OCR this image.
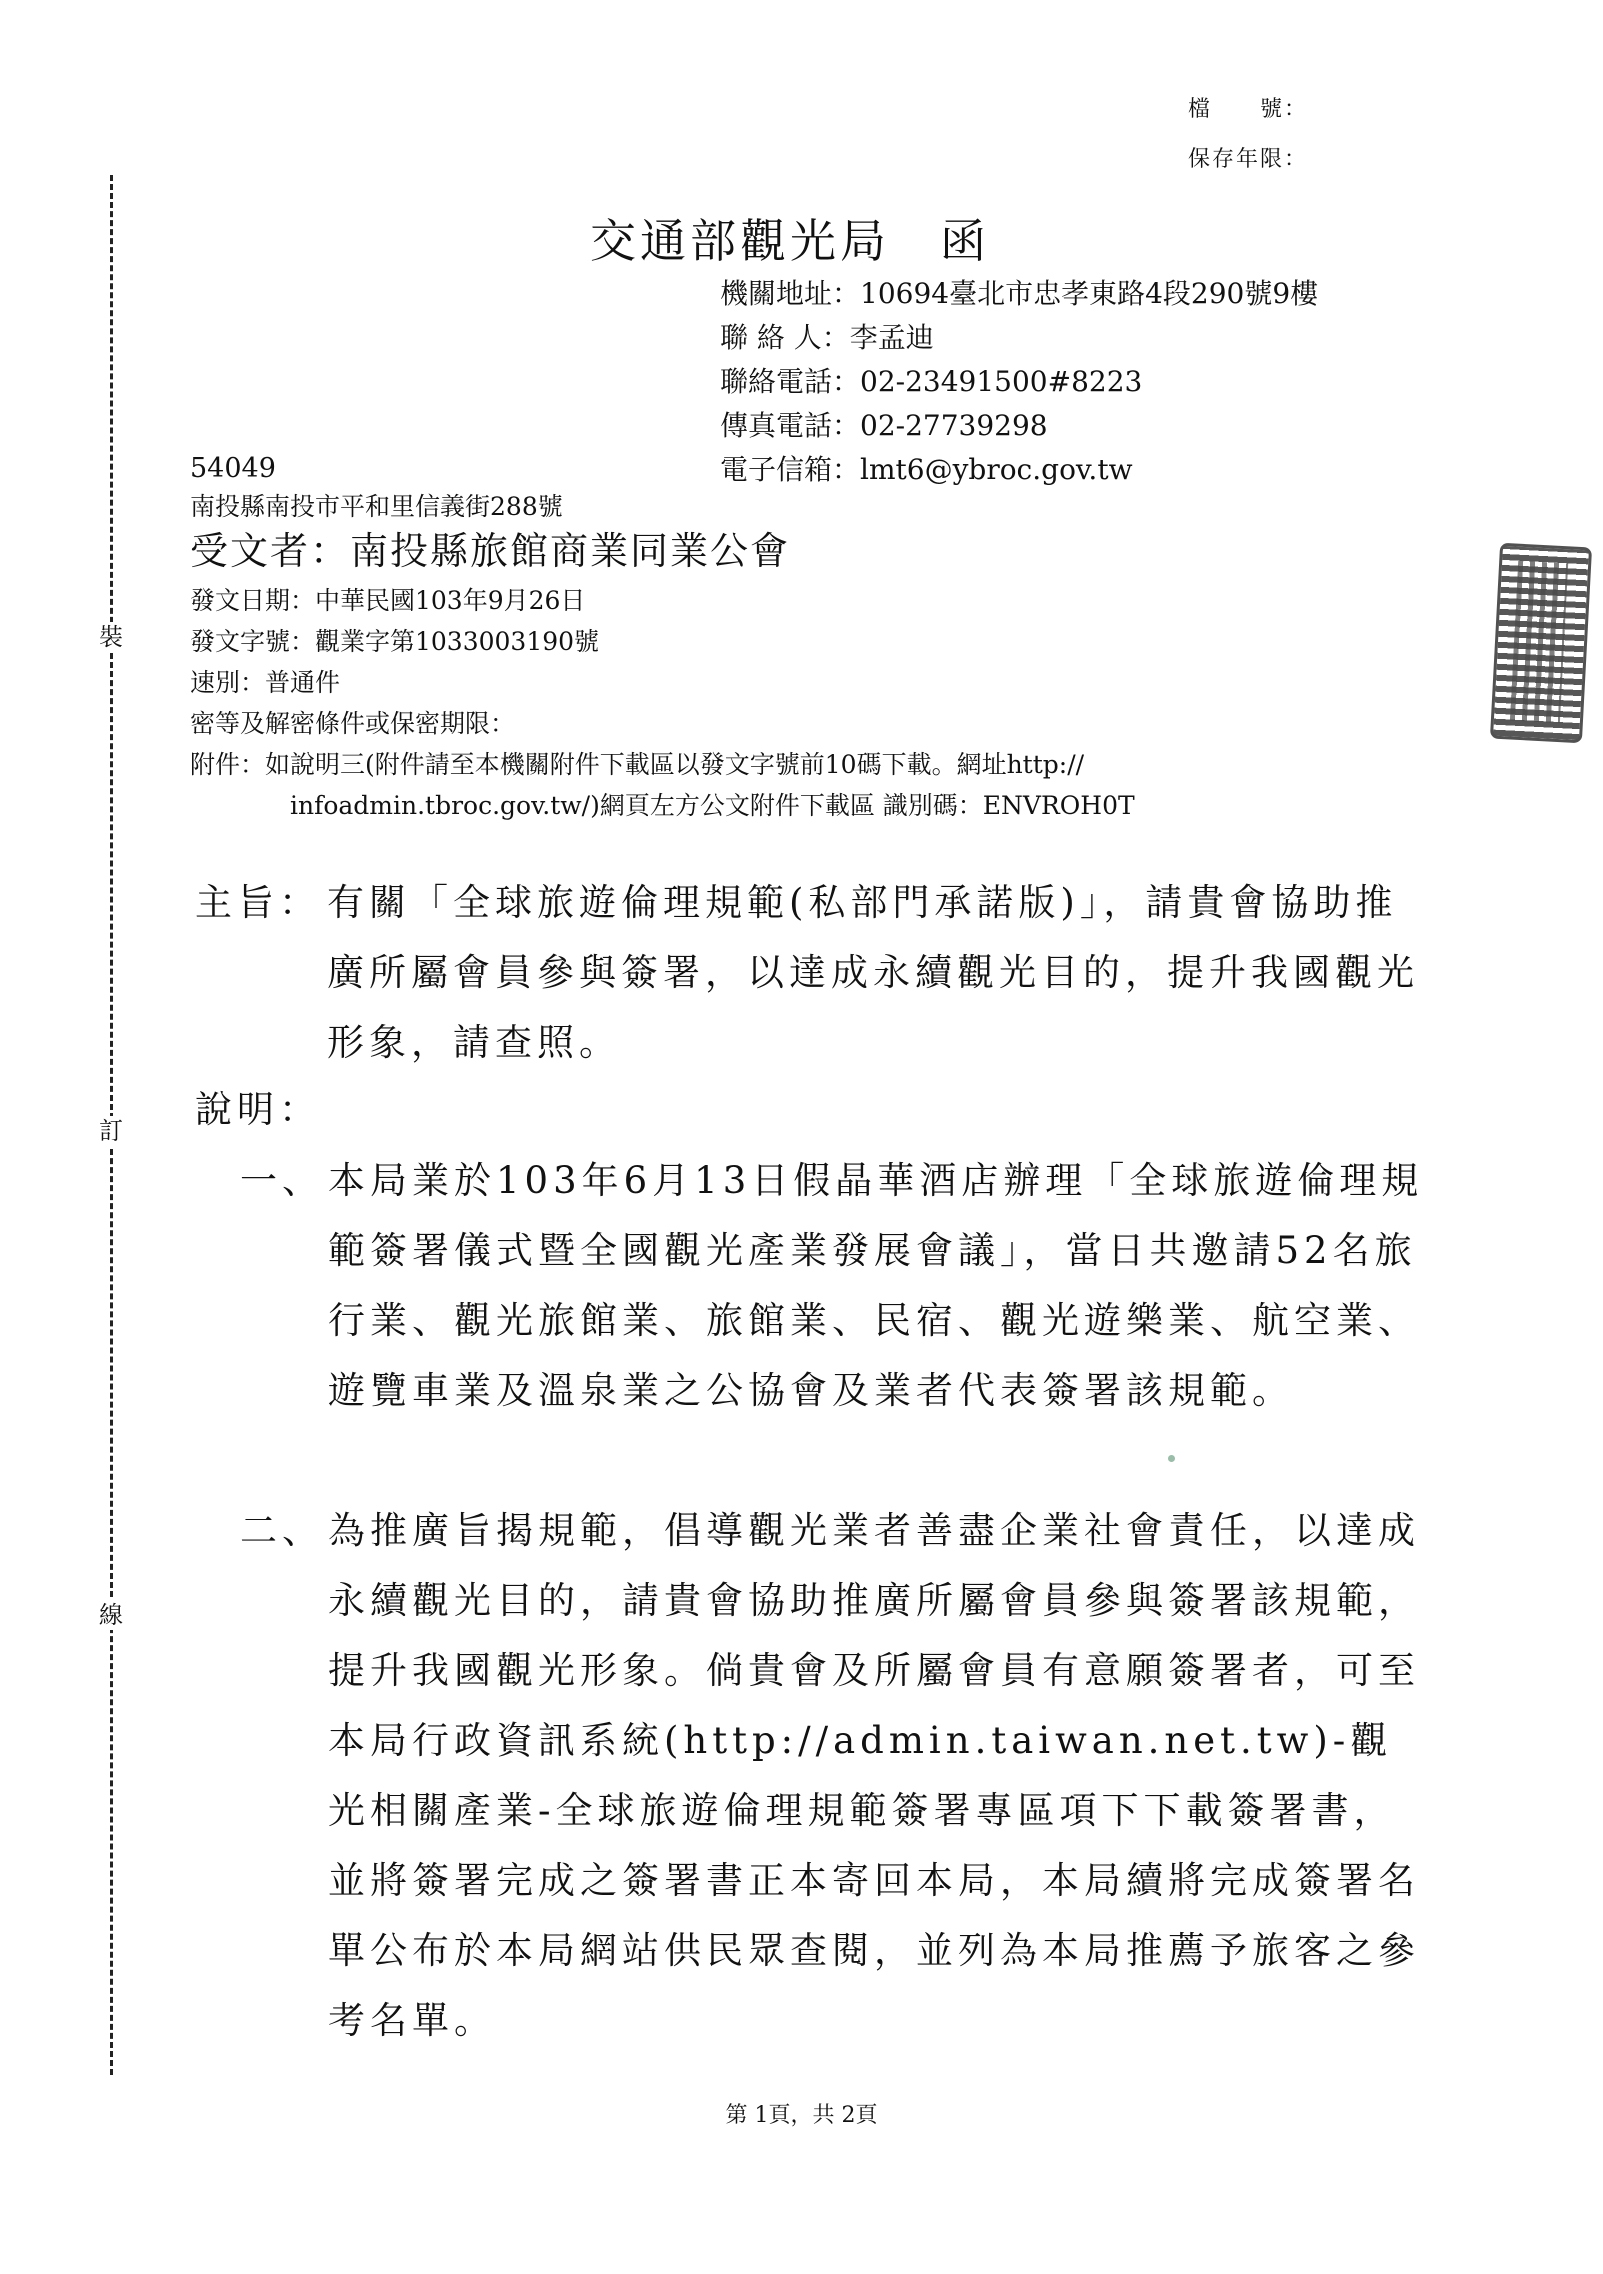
檔　　號：
保存年限：
裝
訂
線
交通部觀光局　函
機關地址：10694臺北市忠孝東路4段290號9樓
聯 絡 人：李孟迪
聯絡電話：02-23491500#8223
傳真電話：02-27739298
電子信箱：lmt6@ybroc.gov.tw
54049
南投縣南投市平和里信義街288號
受文者：南投縣旅館商業同業公會
發文日期：中華民國103年9月26日
發文字號：觀業字第1033003190號
速別：普通件
密等及解密條件或保密期限：
附件：如說明三(附件請至本機關附件下載區以發文字號前10碼下載。網址http://
infoadmin.tbroc.gov.tw/)網頁左方公文附件下載區 識別碼：ENVROH0T
主旨： 有關「全球旅遊倫理規範(私部門承諾版)」，請貴會協助推廣所屬會員參與簽署，以達成永續觀光目的，提升我國觀光形象，請查照。
說明：
一、 本局業於103年6月13日假晶華酒店辦理「全球旅遊倫理規範簽署儀式暨全國觀光產業發展會議」，當日共邀請52名旅行業、觀光旅館業、旅館業、民宿、觀光遊樂業、航空業、遊覽車業及溫泉業之公協會及業者代表簽署該規範。
二、 為推廣旨揭規範，倡導觀光業者善盡企業社會責任，以達成永續觀光目的，請貴會協助推廣所屬會員參與簽署該規範，提升我國觀光形象。倘貴會及所屬會員有意願簽署者，可至本局行政資訊系統(http://admin.taiwan.net.tw)-觀光相關產業-全球旅遊倫理規範簽署專區項下下載簽署書，並將簽署完成之簽署書正本寄回本局，本局續將完成簽署名單公布於本局網站供民眾查閱，並列為本局推薦予旅客之參考名單。
第 1頁，共 2頁
